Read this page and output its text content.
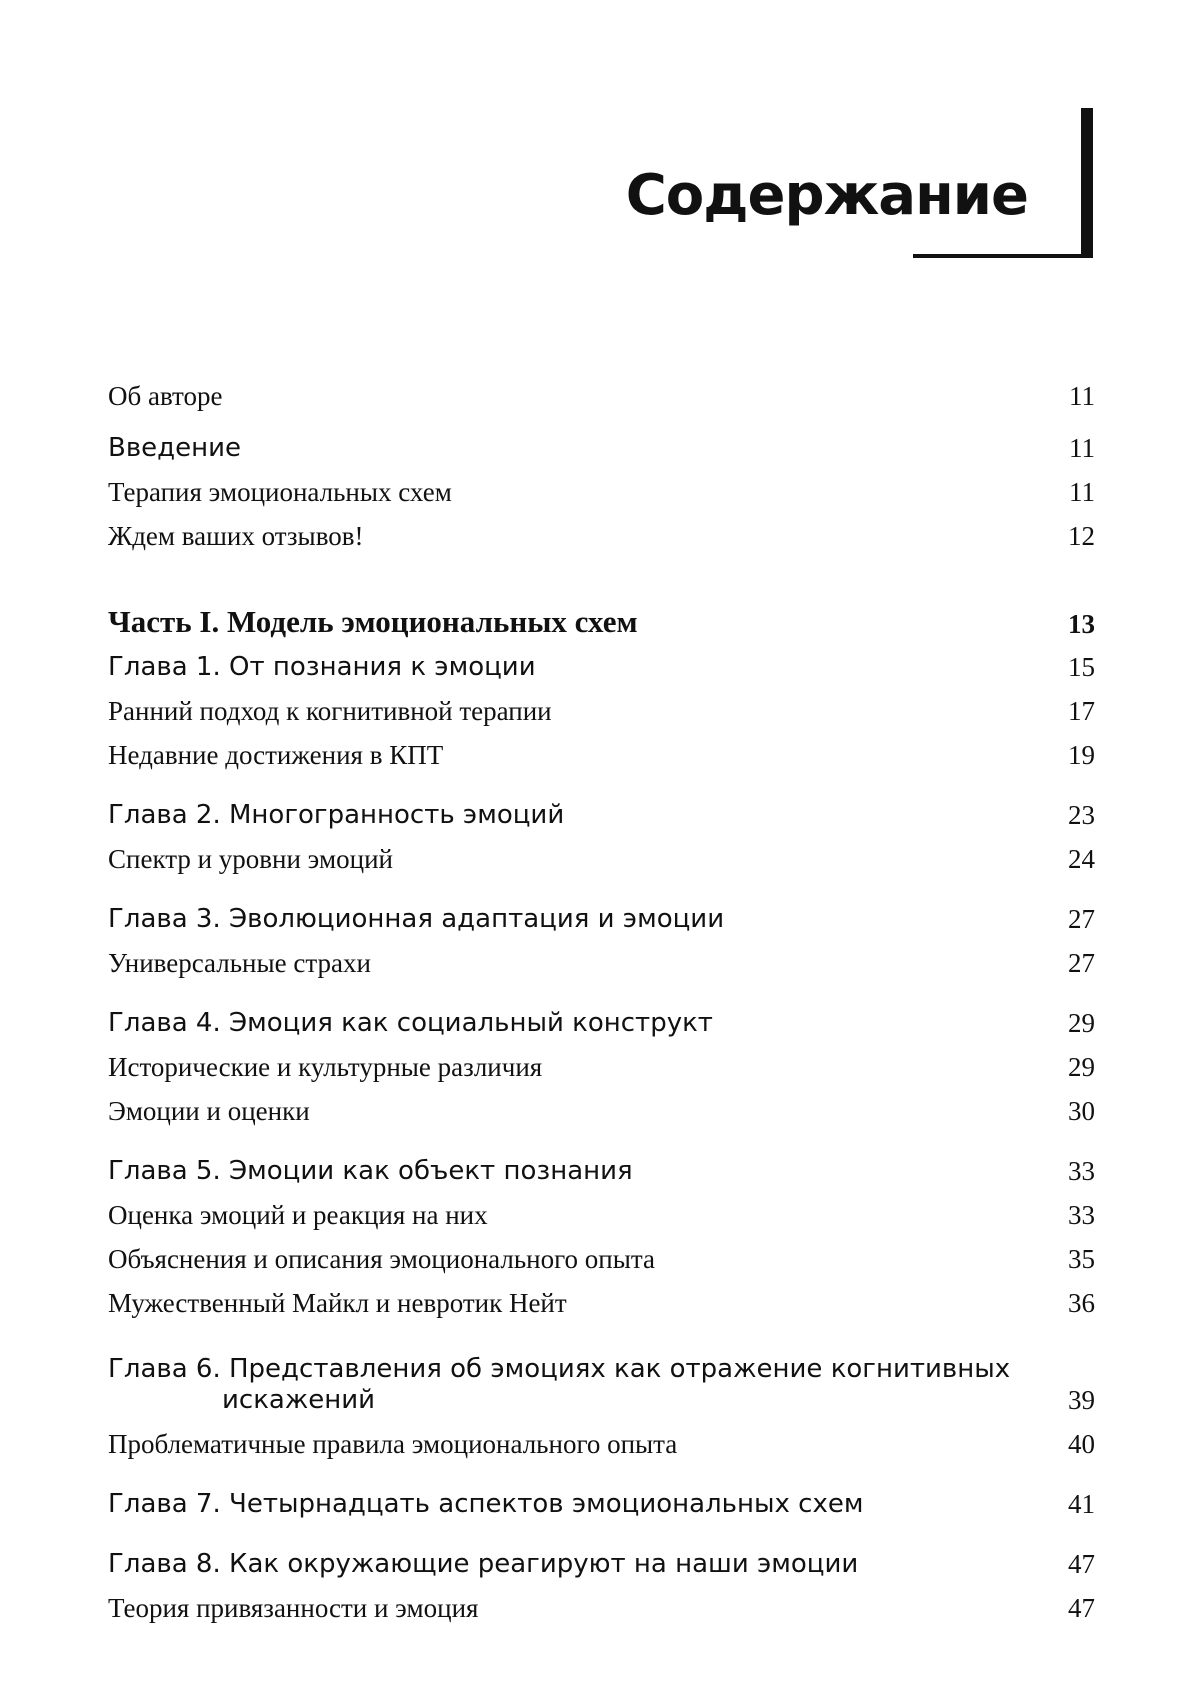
Содержание
Об авторе	11
Введение	11
Терапия эмоциональных схем	11
Ждем ваших отзывов!	12
Часть I. Модель эмоциональных схем	13
Глава 1. От познания к эмоции	15
Ранний подход к когнитивной терапии	17
Недавние достижения в КПТ	19
Глава 2. Многогранность эмоций	23
Спектр и уровни эмоций	24
Глава 3. Эволюционная адаптация и эмоции	27
Универсальные страхи	27
Глава 4. Эмоция как социальный конструкт	29
Исторические и культурные различия	29
Эмоции и оценки	30
Глава 5. Эмоции как объект познания	33
Оценка эмоций и реакция на них	33
Объяснения и описания эмоционального опыта	35
Мужественный Майкл и невротик Нейт	36
Глава 6. Представления об эмоциях как отражение когнитивных искажений	39
Проблематичные правила эмоционального опыта	40
Глава 7. Четырнадцать аспектов эмоциональных схем	41
Глава 8. Как окружающие реагируют на наши эмоции	47
Теория привязанности и эмоция	47
